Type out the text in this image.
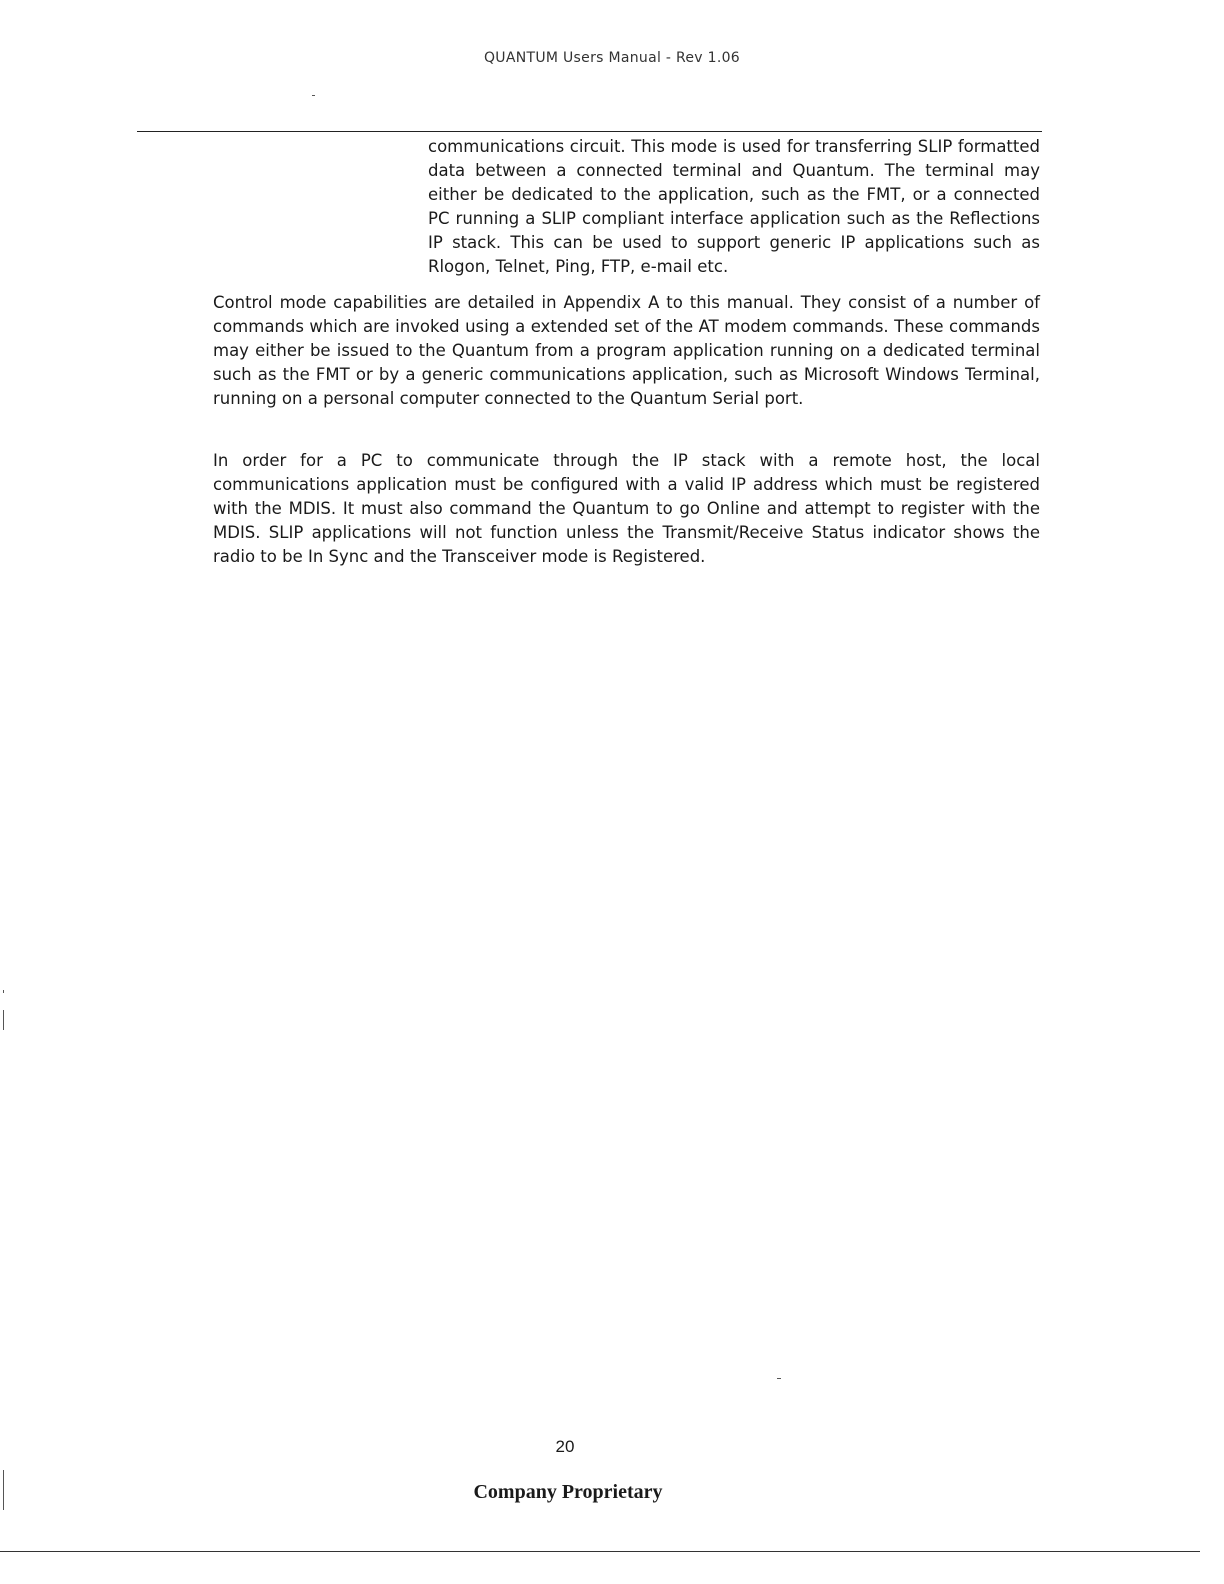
QUANTUM Users Manual - Rev 1.06

communications circuit. This mode is used for transferring SLIP formatted data between a connected terminal and Quantum. The terminal may either be dedicated to the application, such as the FMT, or a connected PC running a SLIP compliant interface application such as the Reflections IP stack. This can be used to support generic IP applications such as Rlogon, Telnet, Ping, FTP, e-mail etc.

Control mode capabilities are detailed in Appendix A to this manual. They consist of a number of commands which are invoked using a extended set of the AT modem commands. These commands may either be issued to the Quantum from a program application running on a dedicated terminal such as the FMT or by a generic communications application, such as Microsoft Windows Terminal, running on a personal computer connected to the Quantum Serial port.

In order for a PC to communicate through the IP stack with a remote host, the local communications application must be configured with a valid IP address which must be registered with the MDIS. It must also command the Quantum to go Online and attempt to register with the MDIS. SLIP applications will not function unless the Transmit/Receive Status indicator shows the radio to be In Sync and the Transceiver mode is Registered.

20
Company Proprietary
